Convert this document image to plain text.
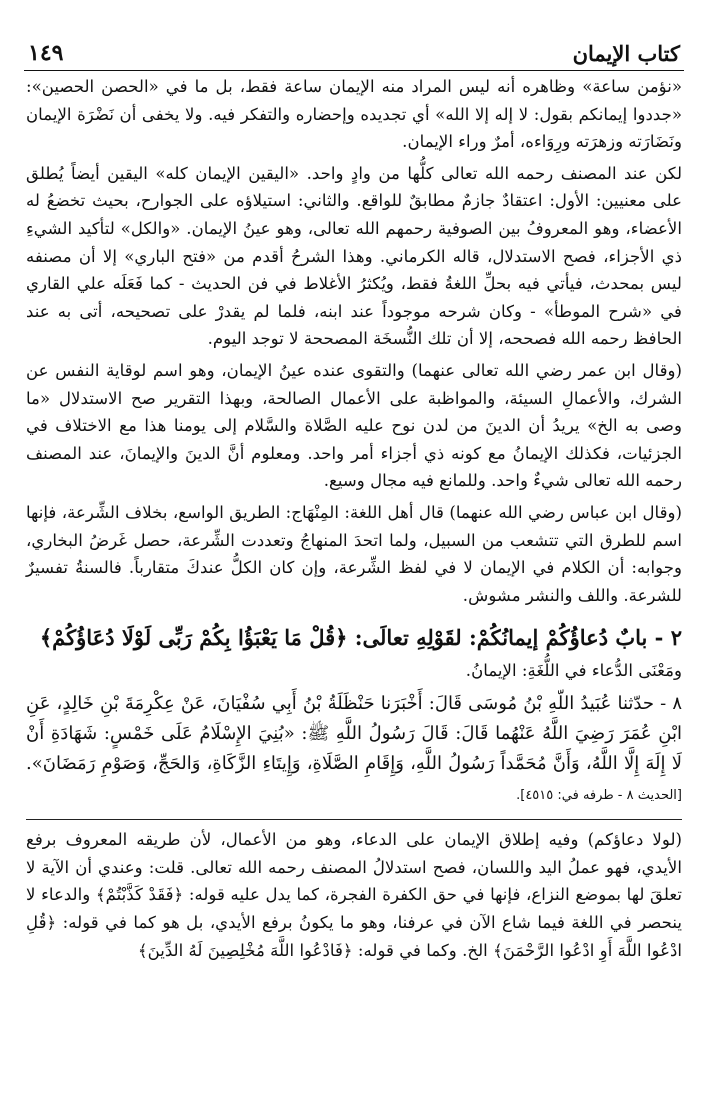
١٤٩	كتاب الإيمان

«نؤمن ساعة» وظاهره أنه ليس المراد منه الإيمان ساعة فقط، بل ما في «الحصن الحصين»: «جددوا إيمانكم بقول: لا إله إلا الله» أي تجديده وإحضاره والتفكر فيه. ولا يخفى أن نَضْرَة الإيمان ونَضَارَته وزهرَته ورِوَاءه، أمرٌ وراء الإيمان.

لكن عند المصنف رحمه الله تعالى كلُّها من وادٍ واحد. «اليقين الإيمان كله» اليقين أيضاً يُطلق على معنيين: الأول: اعتقادٌ جازمٌ مطابقٌ للواقع. والثاني: استيلاؤه على الجوارح، بحيث تخضعُ له الأعضاء، وهو المعروفُ بين الصوفية رحمهم الله تعالى، وهو عينُ الإيمان. «والكل» لتأكيد الشيءِ ذي الأجزاء، فصح الاستدلال، قاله الكرماني. وهذا الشرحُ أقدم من «فتح الباري» إلا أن مصنفه ليس بمحدث، فيأتي فيه بحلِّ اللغةُ فقط، ويُكثرُ الأغلاط في فن الحديث - كما فَعَلَه علي القاري في «شرح الموطأ» - وكان شرحه موجوداً عند ابنه، فلما لم يقدرْ على تصحيحه، أتى به عند الحافظ رحمه الله فصححه، إلا أن تلك النُّسخَة المصححة لا توجد اليوم.

(وقال ابن عمر رضي الله تعالى عنهما) والتقوى عنده عينُ الإيمان، وهو اسم لوقاية النفس عن الشرك، والأعمالِ السيئة، والمواظبة على الأعمال الصالحة، وبهذا التقرير صح الاستدلال «ما وصى به الخ» يريدُ أن الدينَ من لدن نوح عليه الصَّلاة والسَّلام إلى يومنا هذا مع الاختلاف في الجزئيات، فكذلك الإيمانُ مع كونه ذي أجزاء أمر واحد. ومعلوم أنَّ الدينَ والإيمانَ، عند المصنف رحمه الله تعالى شيءٌ واحد. وللمانع فيه مجال وسيع.

(وقال ابن عباس رضي الله عنهما) قال أهل اللغة: المِنْهَاج: الطريق الواسع، بخلاف الشِّرعة، فإنها اسم للطرق التي تتشعب من السبيل، ولما اتحدَ المنهاجُ وتعددت الشِّرعة، حصل غَرضُ البخاري، وجوابه: أن الكلام في الإيمان لا في لفظ الشِّرعة، وإن كان الكلُّ عندكَ متقارباً. فالسنةُ تفسيرٌ للشرعة. واللف والنشر مشوش.

٢ - بابٌ دُعاؤُكُمْ إيمانُكُمْ: لقَوْلِهِ تعالَى: ﴿قُلْ مَا يَعْبَؤُا بِكُمْ رَبِّى لَوْلَا دُعَاؤُكُمْ﴾

ومَعْنَى الدُّعاء في اللُّغَةِ: الإيمانُ.

٨ - حدّثنا عُبَيدُ اللّهِ بْنُ مُوسَى قَالَ: أَخْبَرَنا حَنْظَلَةُ بْنُ أَبِي سُفْيَانَ، عَنْ عِكْرِمَةَ بْنِ خَالِدٍ، عَنِ ابْنِ عُمَرَ رَضِيَ اللَّهُ عَنْهُما قَالَ: قَالَ رَسُولُ اللَّهِ ﷺ: «بُنِيَ الإِسْلَامُ عَلَى خَمْسٍ: شَهَادَةِ أَنْ لَا إِلَهَ إِلَّا اللَّهُ، وَأَنَّ مُحَمَّداً رَسُولُ اللَّهِ، وَإِقَامِ الصَّلَاةِ، وَإِيتَاءِ الزَّكَاةِ، وَالحَجِّ، وَصَوْمِ رَمَضَانَ». [الحديث ٨ - طرفه في: ٤٥١٥].

(لولا دعاؤكم) وفيه إطلاق الإيمان على الدعاء، وهو من الأعمال، لأن طريقه المعروف برفع الأيدي، فهو عملُ اليد واللسان، فصح استدلالُ المصنف رحمه الله تعالى. قلت: وعندي أن الآية لا تعلقَ لها بموضع النزاع، فإنها في حق الكفرة الفجرة، كما يدل عليه قوله: ﴿فَقَدْ كَذَّبْتُمْ﴾ والدعاء لا ينحصر في اللغة فيما شاع الآن في عرفنا، وهو ما يكونُ برفع الأيدي، بل هو كما في قوله: ﴿قُلِ ادْعُوا اللَّهَ أَوِ ادْعُوا الرَّحْمَنَ﴾ الخ. وكما في قوله: ﴿فَادْعُوا اللَّهَ مُخْلِصِينَ لَهُ الدِّينَ﴾
